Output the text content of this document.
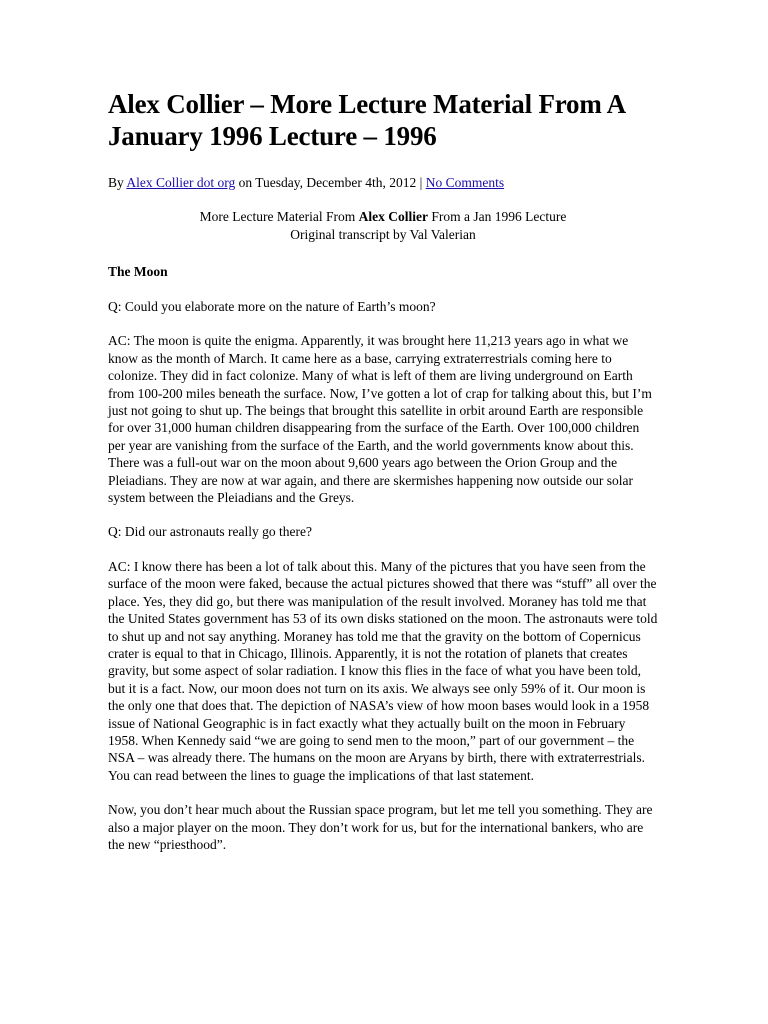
Alex Collier – More Lecture Material From A January 1996 Lecture – 1996
By Alex Collier dot org on Tuesday, December 4th, 2012 | No Comments
More Lecture Material From Alex Collier From a Jan 1996 Lecture
Original transcript by Val Valerian
The Moon

Q: Could you elaborate more on the nature of Earth’s moon?

AC: The moon is quite the enigma. Apparently, it was brought here 11,213 years ago in what we know as the month of March. It came here as a base, carrying extraterrestrials coming here to colonize. They did in fact colonize. Many of what is left of them are living underground on Earth from 100-200 miles beneath the surface. Now, I’ve gotten a lot of crap for talking about this, but I’m just not going to shut up. The beings that brought this satellite in orbit around Earth are responsible for over 31,000 human children disappearing from the surface of the Earth. Over 100,000 children per year are vanishing from the surface of the Earth, and the world governments know about this. There was a full-out war on the moon about 9,600 years ago between the Orion Group and the Pleiadians. They are now at war again, and there are skermishes happening now outside our solar system between the Pleiadians and the Greys.

Q: Did our astronauts really go there?

AC: I know there has been a lot of talk about this. Many of the pictures that you have seen from the surface of the moon were faked, because the actual pictures showed that there was “stuff” all over the place. Yes, they did go, but there was manipulation of the result involved. Moraney has told me that the United States government has 53 of its own disks stationed on the moon. The astronauts were told to shut up and not say anything. Moraney has told me that the gravity on the bottom of Copernicus crater is equal to that in Chicago, Illinois. Apparently, it is not the rotation of planets that creates gravity, but some aspect of solar radiation. I know this flies in the face of what you have been told, but it is a fact. Now, our moon does not turn on its axis. We always see only 59% of it. Our moon is the only one that does that. The depiction of NASA’s view of how moon bases would look in a 1958 issue of National Geographic is in fact exactly what they actually built on the moon in February 1958. When Kennedy said “we are going to send men to the moon,” part of our government – the NSA – was already there. The humans on the moon are Aryans by birth, there with extraterrestrials. You can read between the lines to guage the implications of that last statement.

Now, you don’t hear much about the Russian space program, but let me tell you something. They are also a major player on the moon. They don’t work for us, but for the international bankers, who are the new “priesthood”.
